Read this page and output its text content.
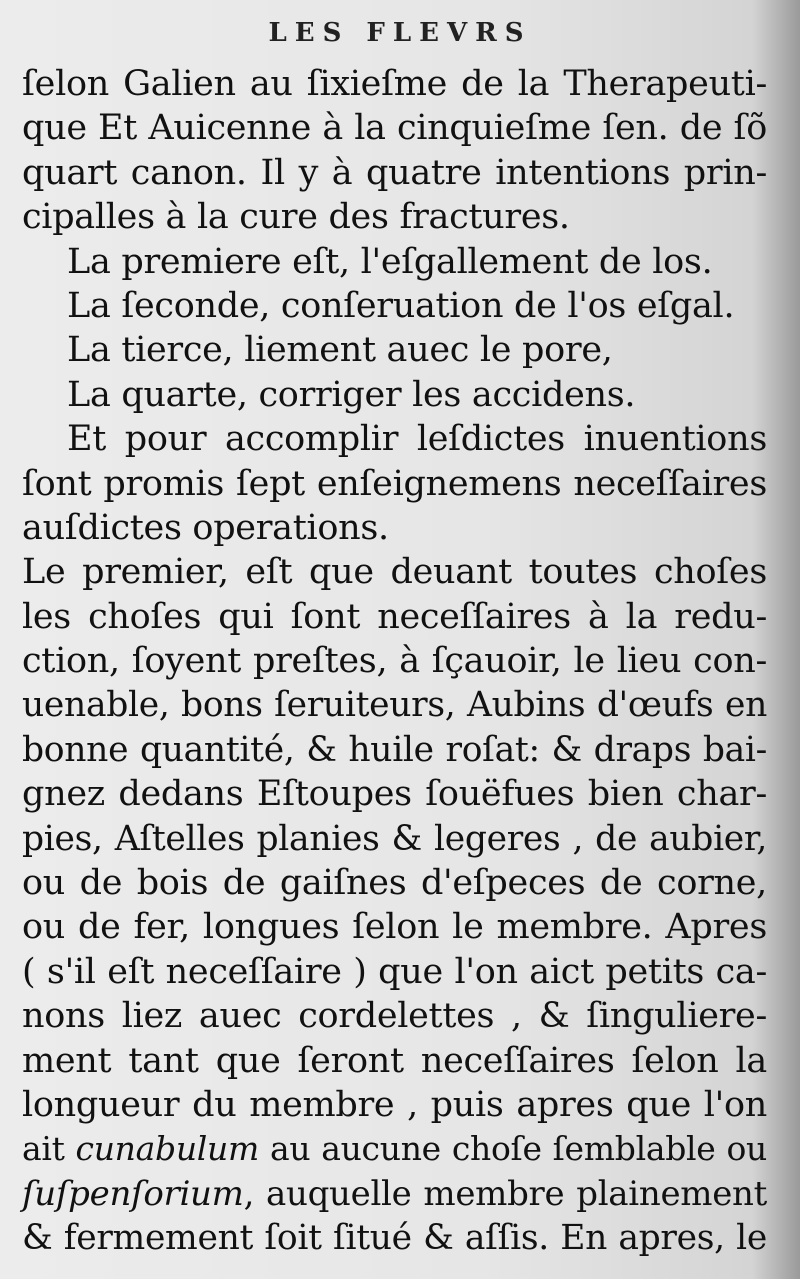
LES FLEVRS
ſelon Galien au ſixieſme de la Therapeuti-
que Et Auicenne à la cinquieſme ſen. de ſõ
quart canon. Il y à quatre intentions prin-
cipalles à la cure des fractures.
La premiere eſt, l'eſgallement de los.
La ſeconde, conſeruation de l'os eſgal.
La tierce, liement auec le pore,
La quarte, corriger les accidens.
Et pour accomplir leſdictes inuentions
ſont promis ſept enſeignemens neceſſaires
auſdictes operations.
Le premier, eſt que deuant toutes choſes
les choſes qui ſont neceſſaires à la redu-
ction, ſoyent preſtes, à ſçauoir, le lieu con-
uenable, bons ſeruiteurs, Aubins d'œufs en
bonne quantité, & huile roſat: & draps bai-
gnez dedans Eſtoupes ſouëfues bien char-
pies, Aſtelles planies & legeres , de aubier,
ou de bois de gaiſnes d'eſpeces de corne,
ou de fer, longues ſelon le membre. Apres
( s'il eſt neceſſaire ) que l'on aict petits ca-
nons liez auec cordelettes , & ſinguliere-
ment tant que ſeront neceſſaires ſelon la
longueur du membre , puis apres que l'on
ait cunabulum au aucune choſe ſemblable ou
ſuſpenſorium, auquelle membre plainement
& fermement ſoit ſitué & aſſis. En apres, le
